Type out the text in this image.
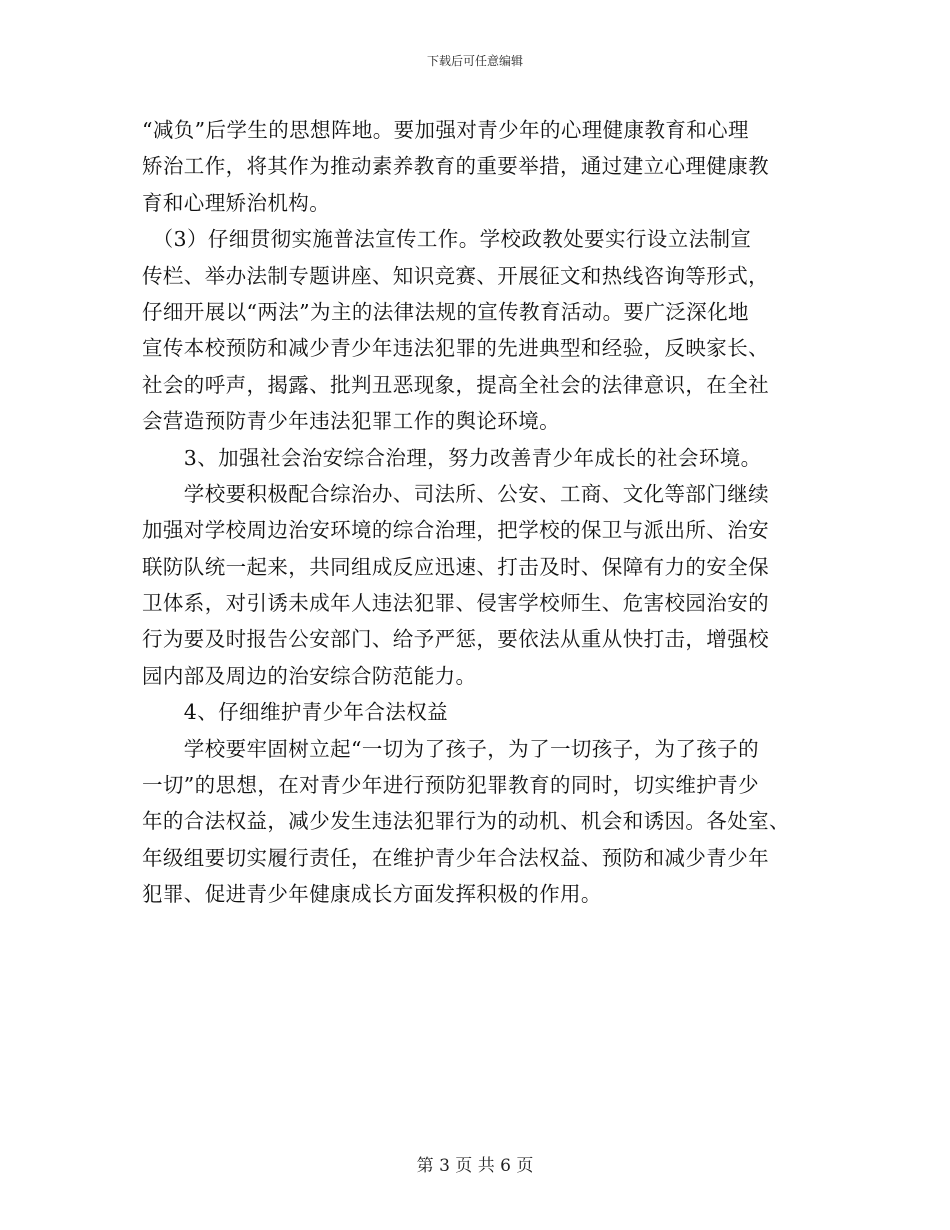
下载后可任意编辑
“减负”后学生的思想阵地。要加强对青少年的心理健康教育和心理
矫治工作，将其作为推动素养教育的重要举措，通过建立心理健康教
育和心理矫治机构。
　（3）仔细贯彻实施普法宣传工作。学校政教处要实行设立法制宣
传栏、举办法制专题讲座、知识竞赛、开展征文和热线咨询等形式，
仔细开展以“两法”为主的法律法规的宣传教育活动。要广泛深化地
宣传本校预防和减少青少年违法犯罪的先进典型和经验，反映家长、
社会的呼声，揭露、批判丑恶现象，提高全社会的法律意识，在全社
会营造预防青少年违法犯罪工作的舆论环境。
　　3、加强社会治安综合治理，努力改善青少年成长的社会环境。
　　学校要积极配合综治办、司法所、公安、工商、文化等部门继续
加强对学校周边治安环境的综合治理，把学校的保卫与派出所、治安
联防队统一起来，共同组成反应迅速、打击及时、保障有力的安全保
卫体系，对引诱未成年人违法犯罪、侵害学校师生、危害校园治安的
行为要及时报告公安部门、给予严惩，要依法从重从快打击，增强校
园内部及周边的治安综合防范能力。
　　4、仔细维护青少年合法权益
　　学校要牢固树立起“一切为了孩子，为了一切孩子，为了孩子的
一切”的思想，在对青少年进行预防犯罪教育的同时，切实维护青少
年的合法权益，减少发生违法犯罪行为的动机、机会和诱因。各处室、
年级组要切实履行责任，在维护青少年合法权益、预防和减少青少年
犯罪、促进青少年健康成长方面发挥积极的作用。
第 3 页 共 6 页
